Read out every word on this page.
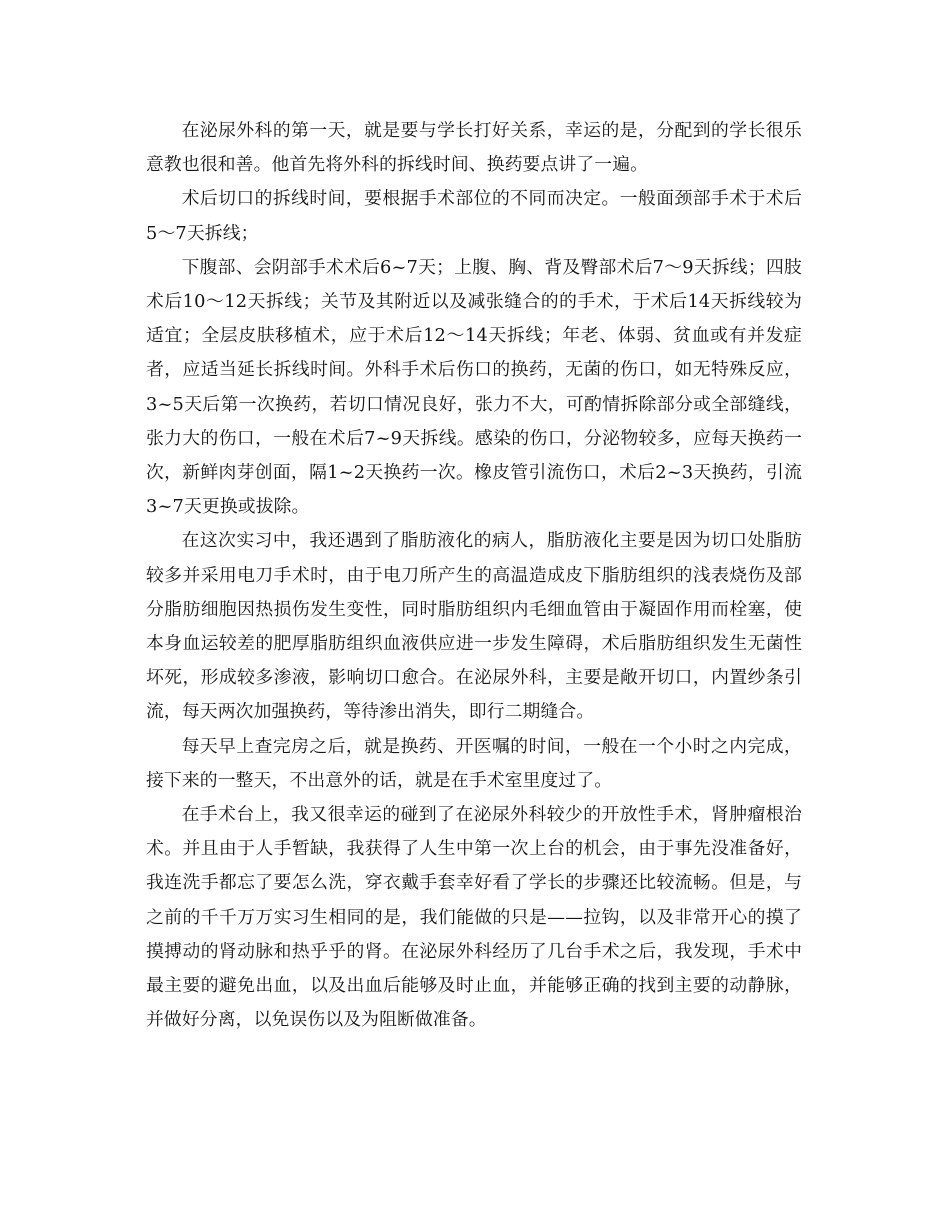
在泌尿外科的第一天，就是要与学长打好关系，幸运的是，分配到的学长很乐意教也很和善。他首先将外科的拆线时间、换药要点讲了一遍。

术后切口的拆线时间，要根据手术部位的不同而决定。一般面颈部手术于术后5～7天拆线；

下腹部、会阴部手术术后6~7天；上腹、胸、背及臀部术后7～9天拆线；四肢术后10～12天拆线；关节及其附近以及减张缝合的的手术，于术后14天拆线较为适宜；全层皮肤移植术，应于术后12～14天拆线；年老、体弱、贫血或有并发症者，应适当延长拆线时间。外科手术后伤口的换药，无菌的伤口，如无特殊反应，3~5天后第一次换药，若切口情况良好，张力不大，可酌情拆除部分或全部缝线，张力大的伤口，一般在术后7~9天拆线。感染的伤口，分泌物较多，应每天换药一次，新鲜肉芽创面，隔1~2天换药一次。橡皮管引流伤口，术后2~3天换药，引流3~7天更换或拔除。

在这次实习中，我还遇到了脂肪液化的病人，脂肪液化主要是因为切口处脂肪较多并采用电刀手术时，由于电刀所产生的高温造成皮下脂肪组织的浅表烧伤及部分脂肪细胞因热损伤发生变性，同时脂肪组织内毛细血管由于凝固作用而栓塞，使本身血运较差的肥厚脂肪组织血液供应进一步发生障碍，术后脂肪组织发生无菌性坏死，形成较多渗液，影响切口愈合。在泌尿外科，主要是敞开切口，内置纱条引流，每天两次加强换药，等待渗出消失，即行二期缝合。

每天早上查完房之后，就是换药、开医嘱的时间，一般在一个小时之内完成，接下来的一整天，不出意外的话，就是在手术室里度过了。

在手术台上，我又很幸运的碰到了在泌尿外科较少的开放性手术，肾肿瘤根治术。并且由于人手暂缺，我获得了人生中第一次上台的机会，由于事先没准备好，我连洗手都忘了要怎么洗，穿衣戴手套幸好看了学长的步骤还比较流畅。但是，与之前的千千万万实习生相同的是，我们能做的只是——拉钩，以及非常开心的摸了摸搏动的肾动脉和热乎乎的肾。在泌尿外科经历了几台手术之后，我发现，手术中最主要的避免出血，以及出血后能够及时止血，并能够正确的找到主要的动静脉，并做好分离，以免误伤以及为阻断做准备。
